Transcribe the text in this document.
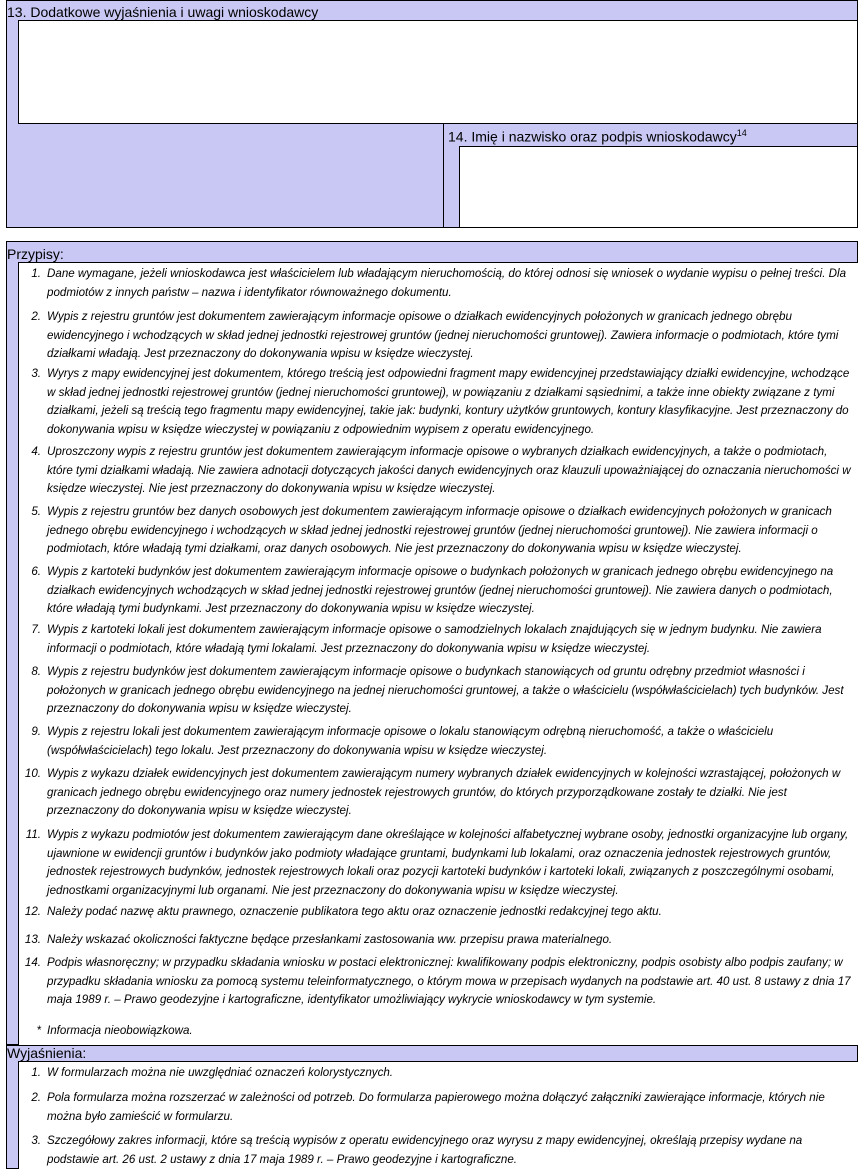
13. Dodatkowe wyjaśnienia i uwagi wnioskodawcy
14. Imię i nazwisko oraz podpis wnioskodawcy$^{14}$
Przypisy:
1. Dane wymagane, jeżeli wnioskodawca jest właścicielem lub władającym nieruchomością, do której odnosi się wniosek o wydanie wypisu o pełnej treści. Dla podmiotów z innych państw – nazwa i identyfikator równoważnego dokumentu.
2. Wypis z rejestru gruntów jest dokumentem zawierającym informacje opisowe o działkach ewidencyjnych położonych w granicach jednego obrębu ewidencyjnego i wchodzących w skład jednej jednostki rejestrowej gruntów (jednej nieruchomości gruntowej). Zawiera informacje o podmiotach, które tymi działkami władają. Jest przeznaczony do dokonywania wpisu w księdze wieczystej.
3. Wyrys z mapy ewidencyjnej jest dokumentem, którego treścią jest odpowiedni fragment mapy ewidencyjnej przedstawiający działki ewidencyjne, wchodzące w skład jednej jednostki rejestrowej gruntów (jednej nieruchomości gruntowej), w powiązaniu z działkami sąsiednimi, a także inne obiekty związane z tymi działkami, jeżeli są treścią tego fragmentu mapy ewidencyjnej, takie jak: budynki, kontury użytków gruntowych, kontury klasyfikacyjne. Jest przeznaczony do dokonywania wpisu w księdze wieczystej w powiązaniu z odpowiednim wypisem z operatu ewidencyjnego.
4. Uproszczony wypis z rejestru gruntów jest dokumentem zawierającym informacje opisowe o wybranych działkach ewidencyjnych, a także o podmiotach, które tymi działkami władają. Nie zawiera adnotacji dotyczących jakości danych ewidencyjnych oraz klauzuli upoważniającej do oznaczania nieruchomości w księdze wieczystej. Nie jest przeznaczony do dokonywania wpisu w księdze wieczystej.
5. Wypis z rejestru gruntów bez danych osobowych jest dokumentem zawierającym informacje opisowe o działkach ewidencyjnych położonych w granicach jednego obrębu ewidencyjnego i wchodzących w skład jednej jednostki rejestrowej gruntów (jednej nieruchomości gruntowej). Nie zawiera informacji o podmiotach, które władają tymi działkami, oraz danych osobowych. Nie jest przeznaczony do dokonywania wpisu w księdze wieczystej.
6. Wypis z kartoteki budynków jest dokumentem zawierającym informacje opisowe o budynkach położonych w granicach jednego obrębu ewidencyjnego na działkach ewidencyjnych wchodzących w skład jednej jednostki rejestrowej gruntów (jednej nieruchomości gruntowej). Nie zawiera danych o podmiotach, które władają tymi budynkami. Jest przeznaczony do dokonywania wpisu w księdze wieczystej.
7. Wypis z kartoteki lokali jest dokumentem zawierającym informacje opisowe o samodzielnych lokalach znajdujących się w jednym budynku. Nie zawiera informacji o podmiotach, które władają tymi lokalami. Jest przeznaczony do dokonywania wpisu w księdze wieczystej.
8. Wypis z rejestru budynków jest dokumentem zawierającym informacje opisowe o budynkach stanowiących od gruntu odrębny przedmiot własności i położonych w granicach jednego obrębu ewidencyjnego na jednej nieruchomości gruntowej, a także o właścicielu (współwłaścicielach) tych budynków. Jest przeznaczony do dokonywania wpisu w księdze wieczystej.
9. Wypis z rejestru lokali jest dokumentem zawierającym informacje opisowe o lokalu stanowiącym odrębną nieruchomość, a także o właścicielu (współwłaścicielach) tego lokalu. Jest przeznaczony do dokonywania wpisu w księdze wieczystej.
10. Wypis z wykazu działek ewidencyjnych jest dokumentem zawierającym numery wybranych działek ewidencyjnych w kolejności wzrastającej, położonych w granicach jednego obrębu ewidencyjnego oraz numery jednostek rejestrowych gruntów, do których przyporządkowane zostały te działki. Nie jest przeznaczony do dokonywania wpisu w księdze wieczystej.
11. Wypis z wykazu podmiotów jest dokumentem zawierającym dane określające w kolejności alfabetycznej wybrane osoby, jednostki organizacyjne lub organy, ujawnione w ewidencji gruntów i budynków jako podmioty władające gruntami, budynkami lub lokalami, oraz oznaczenia jednostek rejestrowych gruntów, jednostek rejestrowych budynków, jednostek rejestrowych lokali oraz pozycji kartoteki budynków i kartoteki lokali, związanych z poszczególnymi osobami, jednostkami organizacyjnymi lub organami. Nie jest przeznaczony do dokonywania wpisu w księdze wieczystej.
12. Należy podać nazwę aktu prawnego, oznaczenie publikatora tego aktu oraz oznaczenie jednostki redakcyjnej tego aktu.
13. Należy wskazać okoliczności faktyczne będące przesłankami zastosowania ww. przepisu prawa materialnego.
14. Podpis własnoręczny; w przypadku składania wniosku w postaci elektronicznej: kwalifikowany podpis elektroniczny, podpis osobisty albo podpis zaufany; w przypadku składania wniosku za pomocą systemu teleinformatycznego, o którym mowa w przepisach wydanych na podstawie art. 40 ust. 8 ustawy z dnia 17 maja 1989 r. – Prawo geodezyjne i kartograficzne, identyfikator umożliwiający wykrycie wnioskodawcy w tym systemie.
* Informacja nieobowiązkowa.
Wyjaśnienia:
1. W formularzach można nie uwzględniać oznaczeń kolorystycznych.
2. Pola formularza można rozszerzać w zależności od potrzeb. Do formularza papierowego można dołączyć załączniki zawierające informacje, których nie można było zamieścić w formularzu.
3. Szczegółowy zakres informacji, które są treścią wypisów z operatu ewidencyjnego oraz wyrysu z mapy ewidencyjnej, określają przepisy wydane na podstawie art. 26 ust. 2 ustawy z dnia 17 maja 1989 r. – Prawo geodezyjne i kartograficzne.
